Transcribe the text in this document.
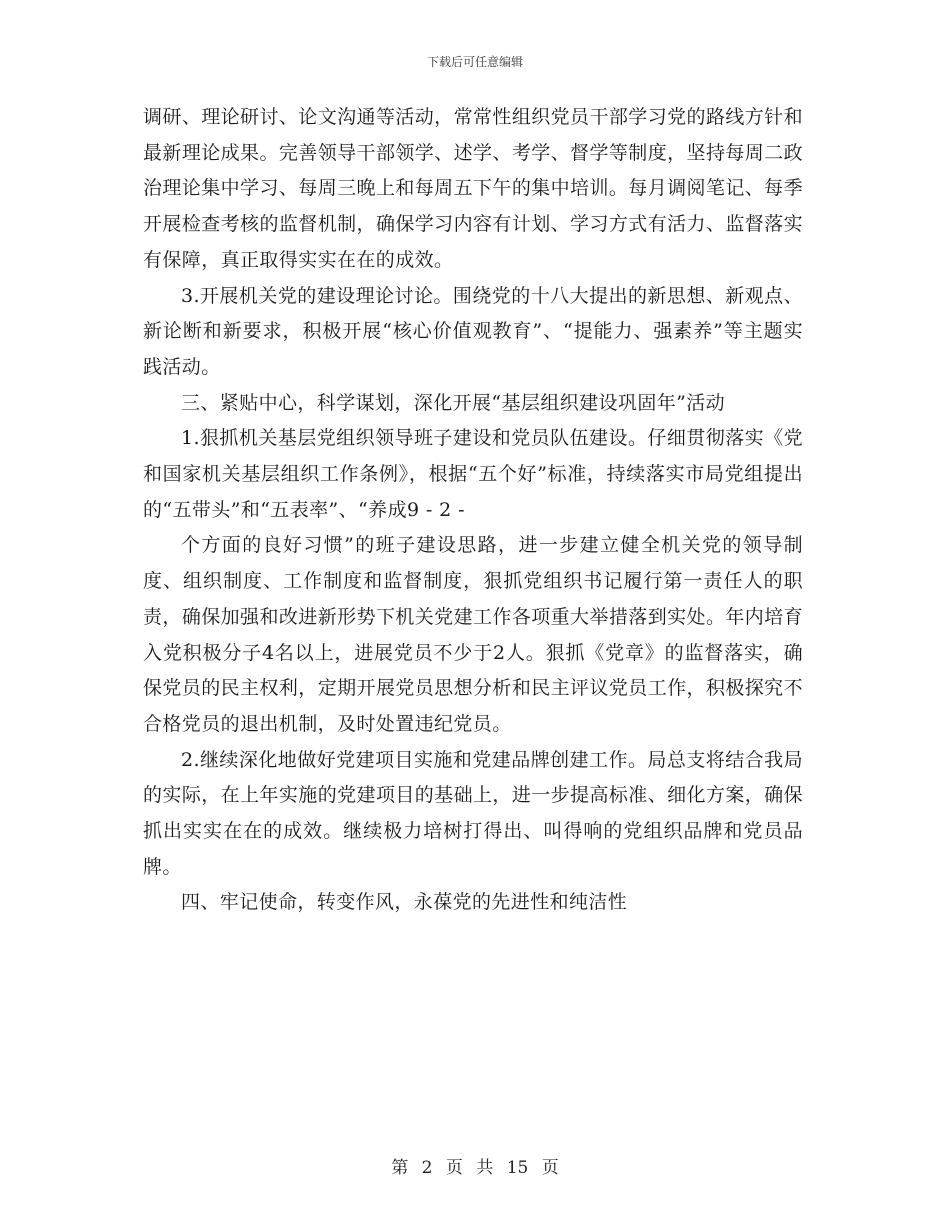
下载后可任意编辑

调研、理论研讨、论文沟通等活动，常常性组织党员干部学习党的路线方针和最新理论成果。完善领导干部领学、述学、考学、督学等制度，坚持每周二政治理论集中学习、每周三晚上和每周五下午的集中培训。每月调阅笔记、每季开展检查考核的监督机制，确保学习内容有计划、学习方式有活力、监督落实有保障，真正取得实实在在的成效。

3.开展机关党的建设理论讨论。围绕党的十八大提出的新思想、新观点、新论断和新要求，积极开展“核心价值观教育”、“提能力、强素养”等主题实践活动。

三、紧贴中心，科学谋划，深化开展“基层组织建设巩固年”活动

1.狠抓机关基层党组织领导班子建设和党员队伍建设。仔细贯彻落实《党和国家机关基层组织工作条例》，根据“五个好”标准，持续落实市局党组提出的“五带头”和“五表率”、“养成9 - 2 -

个方面的良好习惯”的班子建设思路，进一步建立健全机关党的领导制度、组织制度、工作制度和监督制度，狠抓党组织书记履行第一责任人的职责，确保加强和改进新形势下机关党建工作各项重大举措落到实处。年内培育入党积极分子4名以上，进展党员不少于2人。狠抓《党章》的监督落实，确保党员的民主权利，定期开展党员思想分析和民主评议党员工作，积极探究不合格党员的退出机制，及时处置违纪党员。

2.继续深化地做好党建项目实施和党建品牌创建工作。局总支将结合我局的实际，在上年实施的党建项目的基础上，进一步提高标准、细化方案，确保抓出实实在在的成效。继续极力培树打得出、叫得响的党组织品牌和党员品牌。

四、牢记使命，转变作风，永葆党的先进性和纯洁性

第 2 页 共 15 页
